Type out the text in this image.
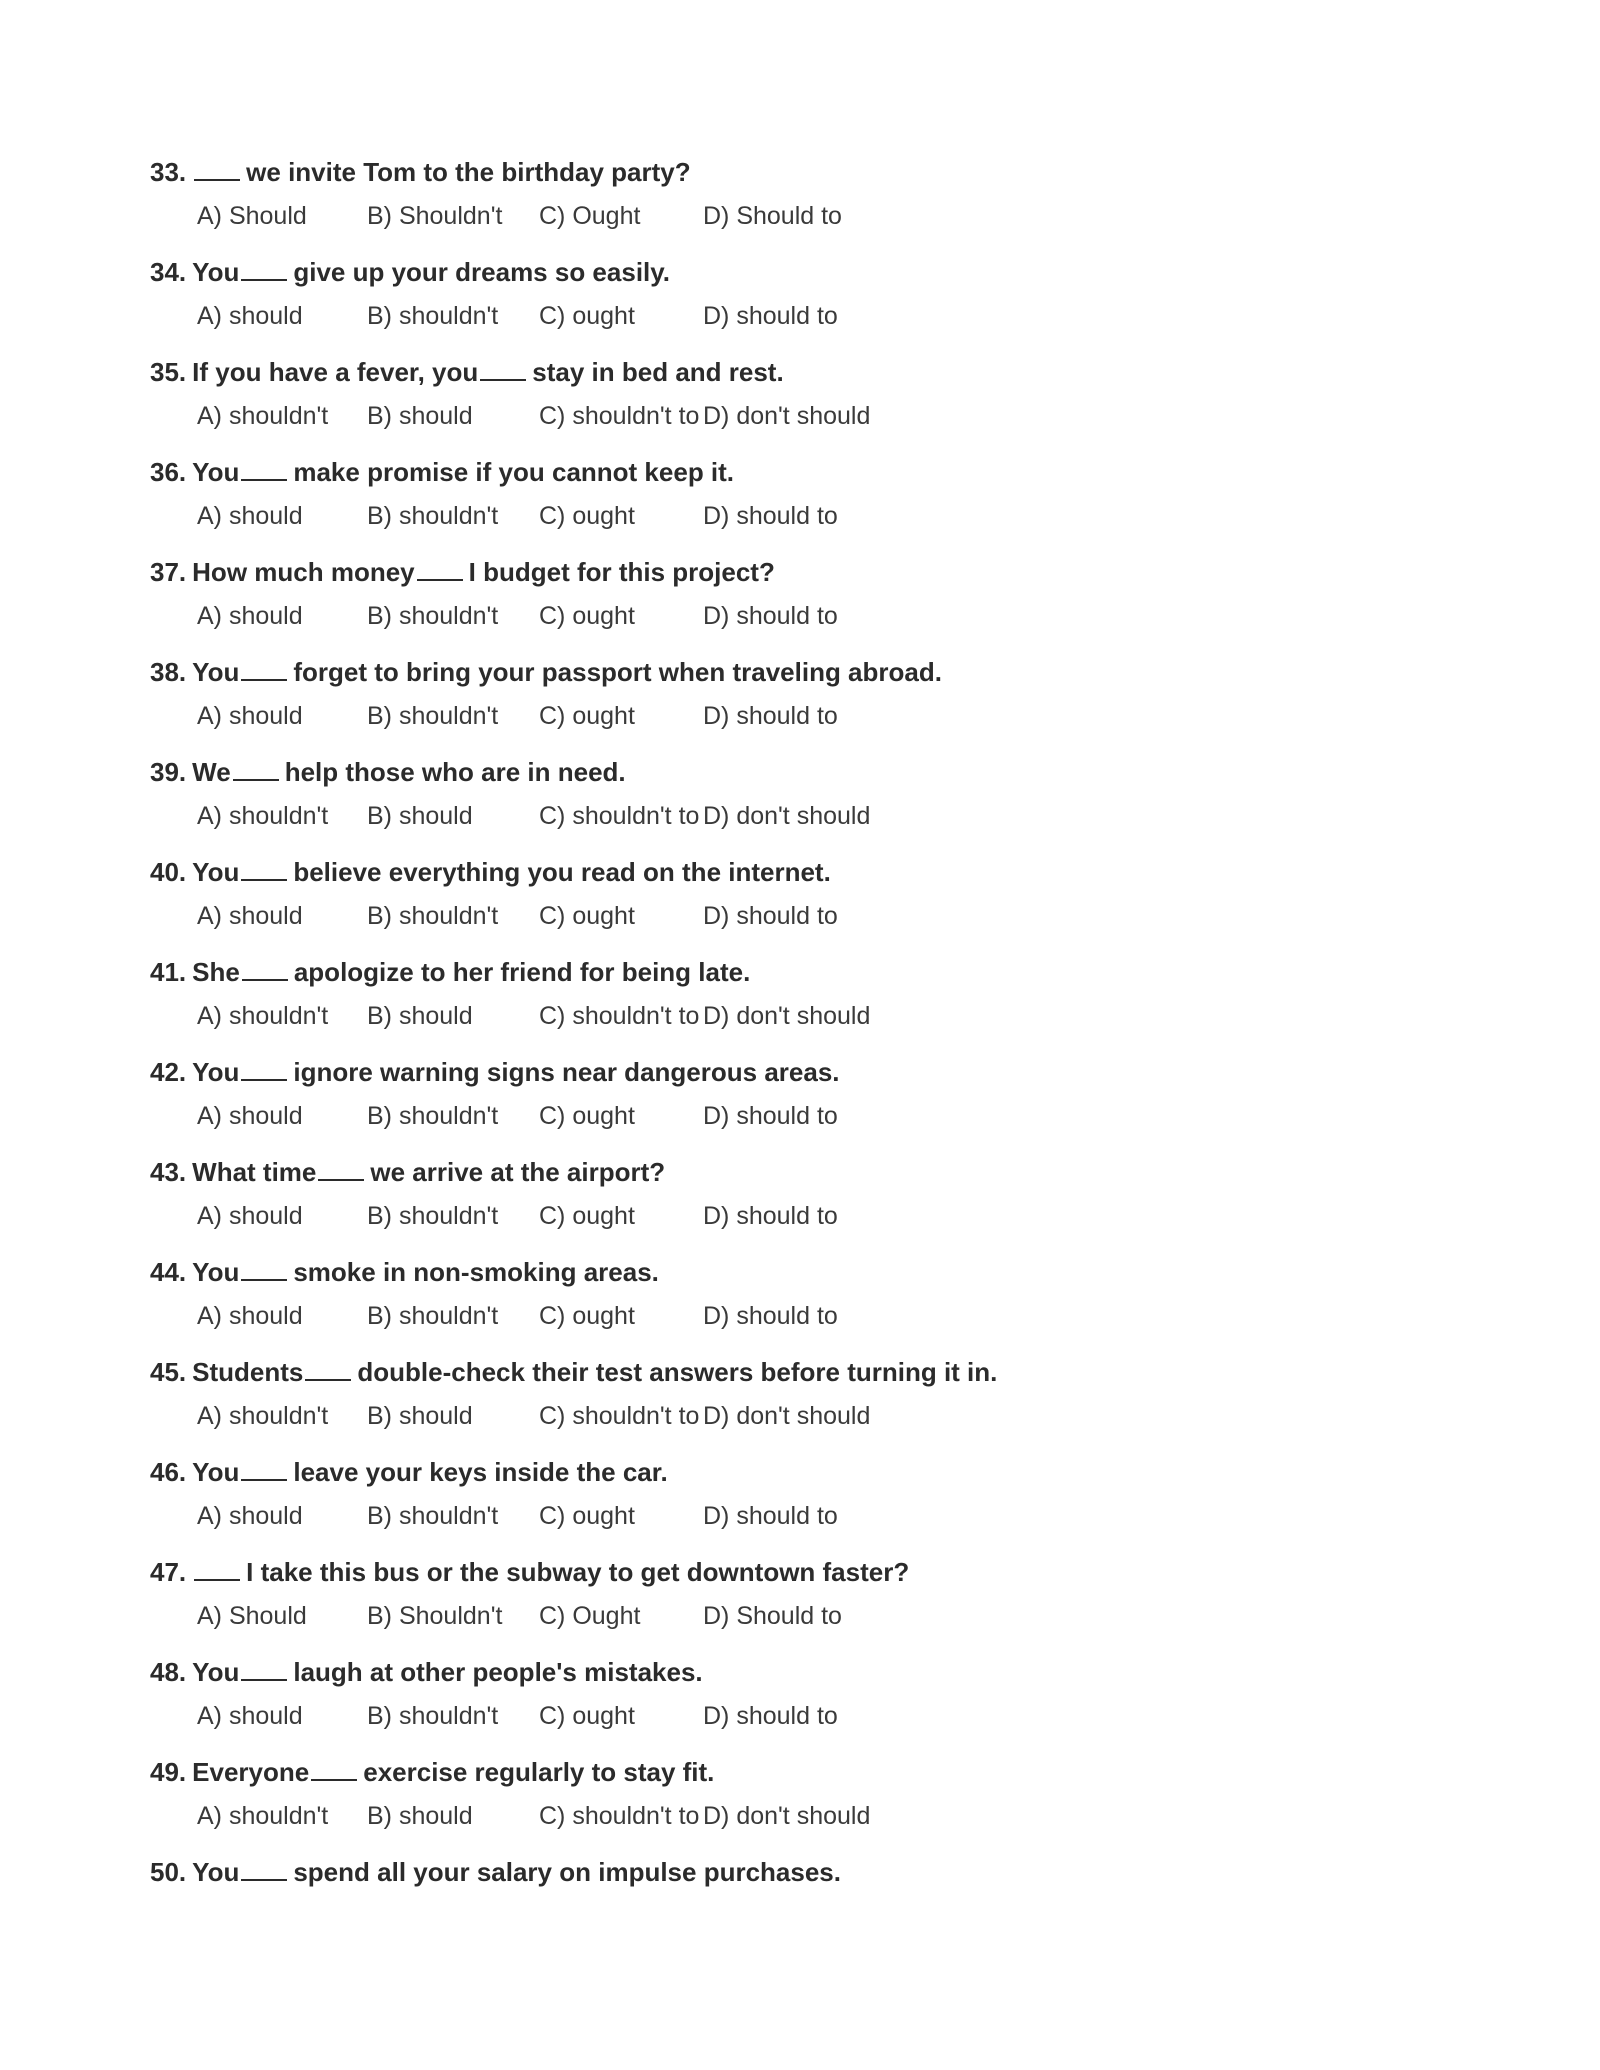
33. we invite Tom to the birthday party?
A) Should B) Shouldn't C) Ought	D) Should to
34. You give up your dreams so easily.
A) should	B) shouldn't C) ought	D) should to
35. If you have a fever, you stay in bed and rest.
A) shouldn't B) should	C) shouldn't to D) don't should
36. You make promise if you cannot keep it.
A) should	B) shouldn't C) ought	D) should to
37. How much money I budget for this project?
A) should	B) shouldn't C) ought	D) should to
38. You forget to bring your passport when traveling abroad.
A) should	B) shouldn't C) ought	D) should to
39. We help those who are in need.
A) shouldn't B) should	C) shouldn't to D) don't should
40. You believe everything you read on the internet.
A) should	B) shouldn't C) ought	D) should to
41. She apologize to her friend for being late.
A) shouldn't B) should	C) shouldn't to D) don't should
42. You ignore warning signs near dangerous areas.
A) should	B) shouldn't C) ought	D) should to
43. What time we arrive at the airport?
A) should	B) shouldn't C) ought	D) should to
44. You smoke in non-smoking areas.
A) should	B) shouldn't C) ought	D) should to
45. Students double-check their test answers before turning it in.
A) shouldn't B) should	C) shouldn't to D) don't should
46. You leave your keys inside the car.
A) should	B) shouldn't C) ought	D) should to
47. I take this bus or the subway to get downtown faster?
A) Should B) Shouldn't C) Ought	D) Should to
48. You laugh at other people's mistakes.
A) should	B) shouldn't C) ought	D) should to
49. Everyone exercise regularly to stay fit.
A) shouldn't B) should	C) shouldn't to D) don't should
50. You spend all your salary on impulse purchases.
